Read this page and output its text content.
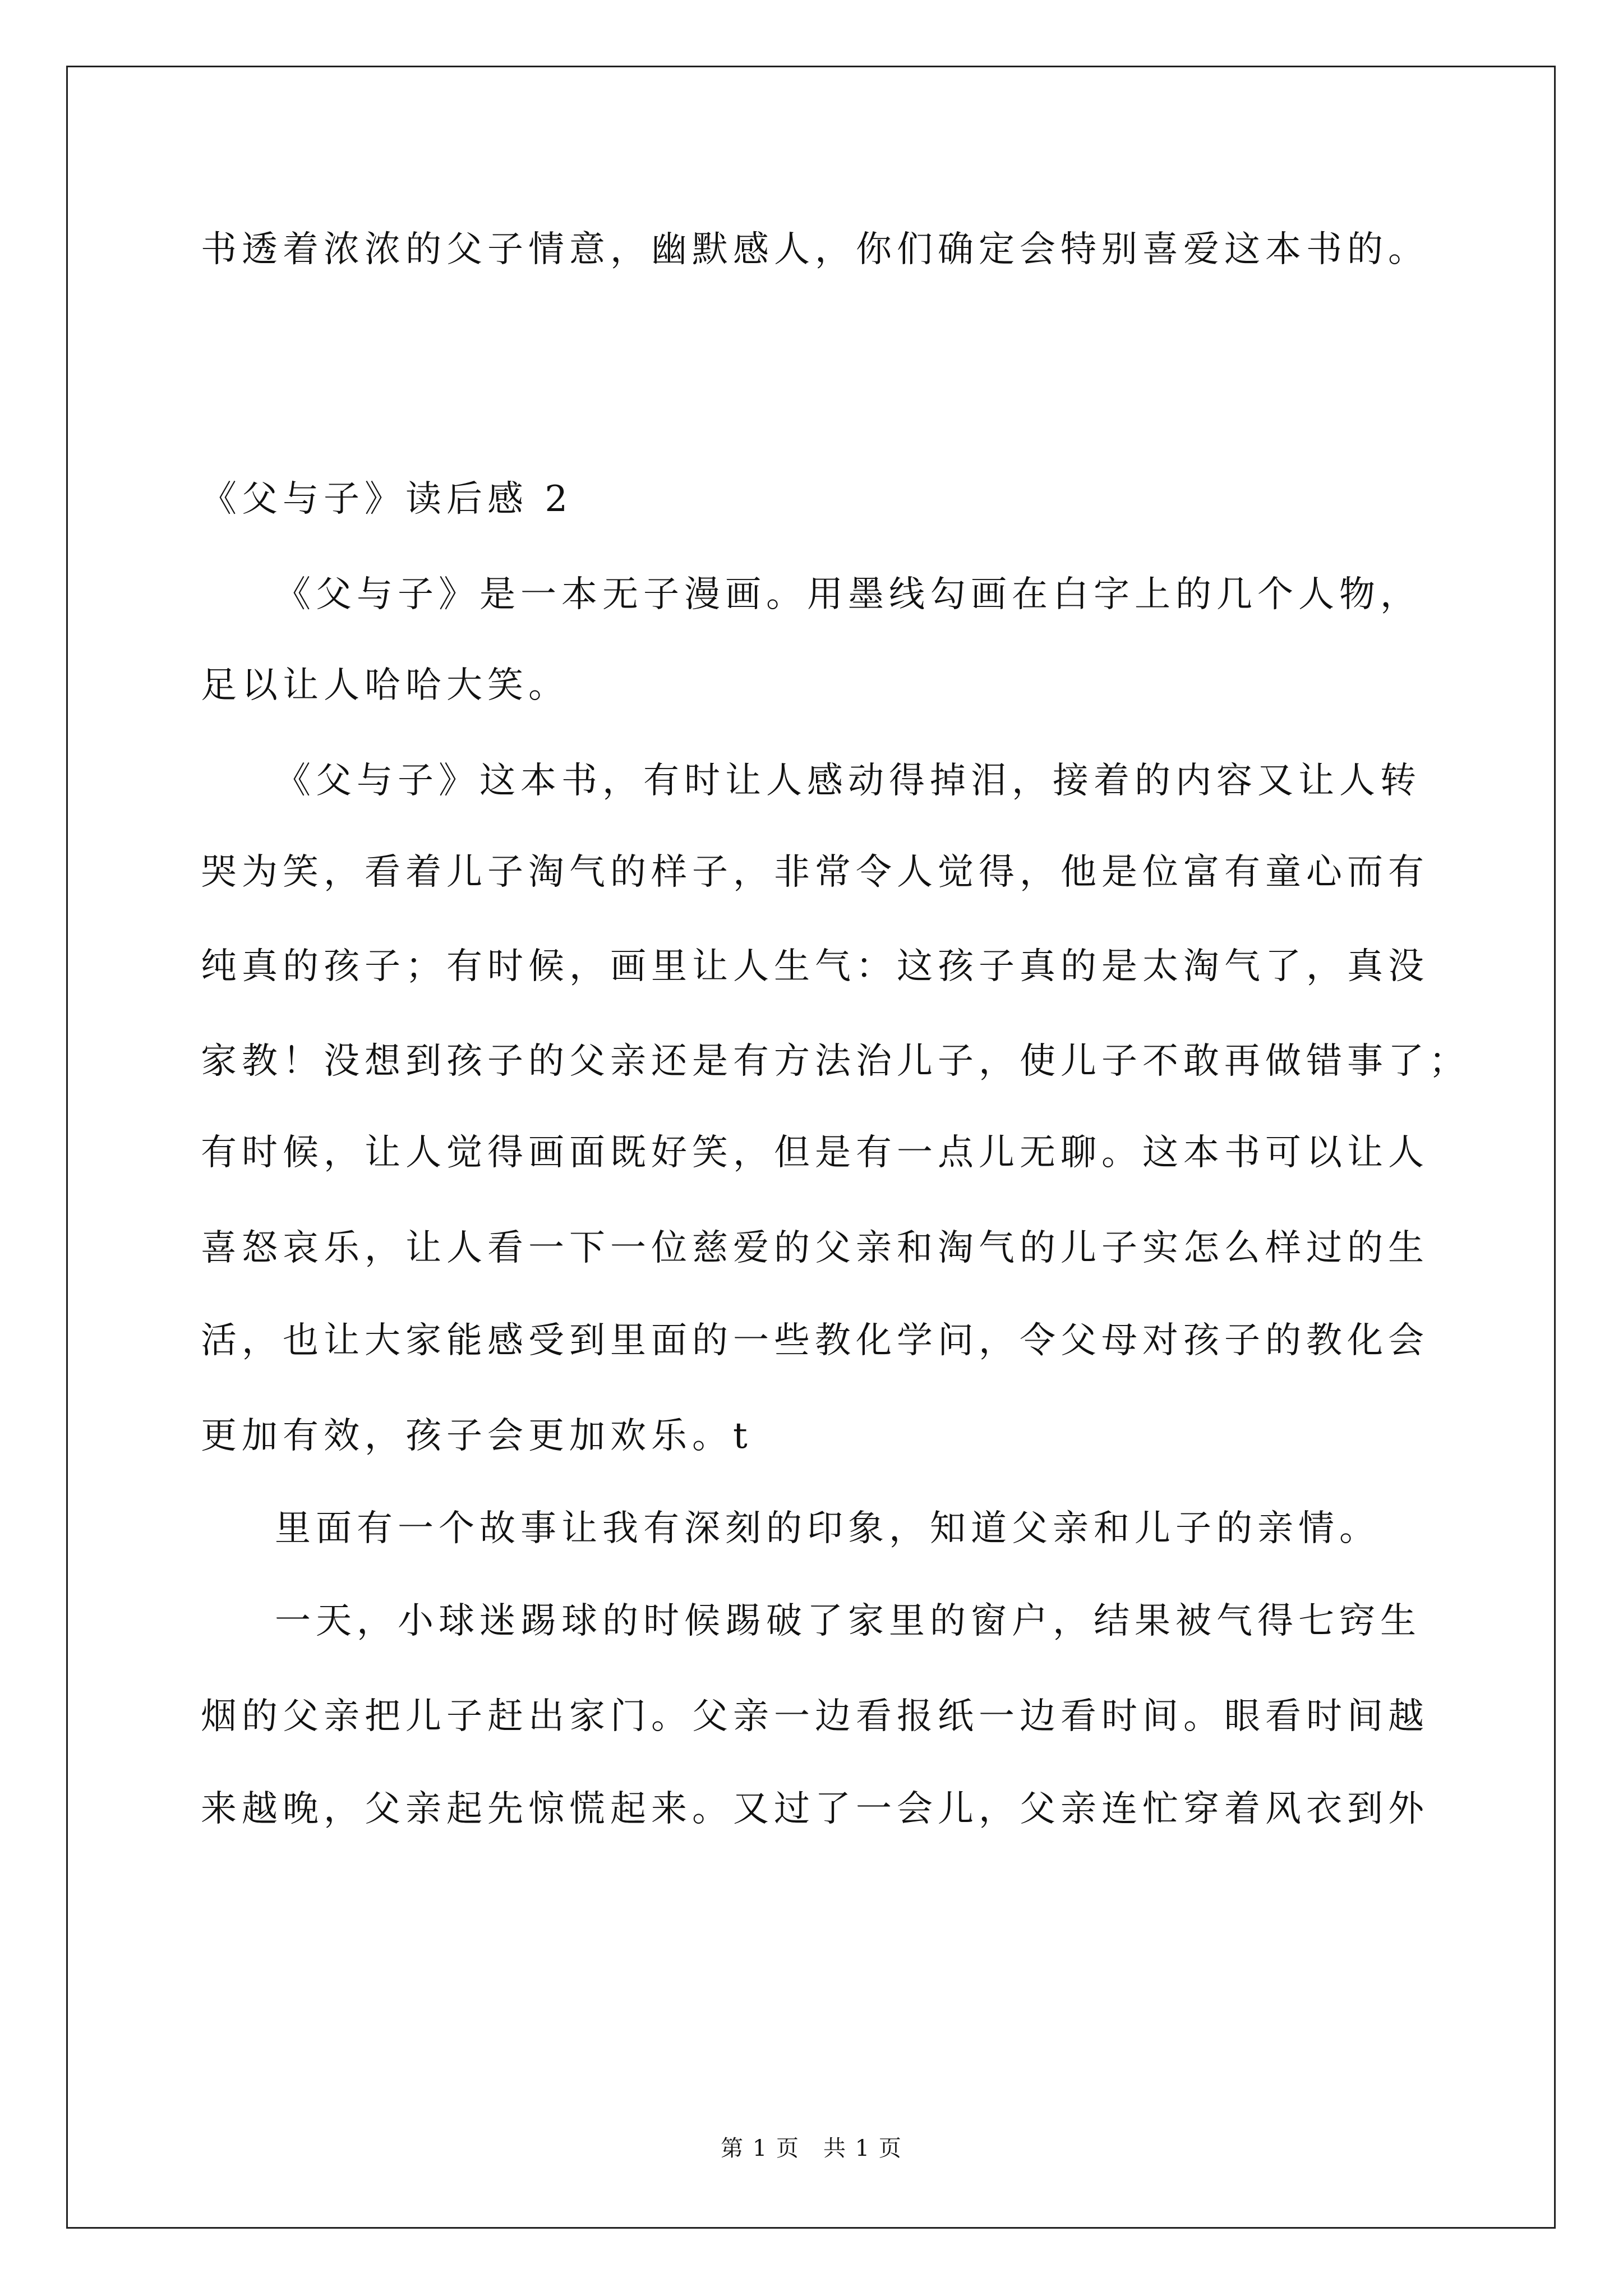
书透着浓浓的父子情意，幽默感人，你们确定会特别喜爱这本书的。
《父与子》读后感 2
《父与子》是一本无子漫画。用墨线勾画在白字上的几个人物，
足以让人哈哈大笑。
《父与子》这本书，有时让人感动得掉泪，接着的内容又让人转
哭为笑，看着儿子淘气的样子，非常令人觉得，他是位富有童心而有
纯真的孩子；有时候，画里让人生气：这孩子真的是太淘气了，真没
家教！没想到孩子的父亲还是有方法治儿子，使儿子不敢再做错事了；
有时候，让人觉得画面既好笑，但是有一点儿无聊。这本书可以让人
喜怒哀乐，让人看一下一位慈爱的父亲和淘气的儿子实怎么样过的生
活，也让大家能感受到里面的一些教化学问，令父母对孩子的教化会
更加有效，孩子会更加欢乐。t
里面有一个故事让我有深刻的印象，知道父亲和儿子的亲情。
一天，小球迷踢球的时候踢破了家里的窗户，结果被气得七窍生
烟的父亲把儿子赶出家门。父亲一边看报纸一边看时间。眼看时间越
来越晚，父亲起先惊慌起来。又过了一会儿，父亲连忙穿着风衣到外
第 1 页　共 1 页
